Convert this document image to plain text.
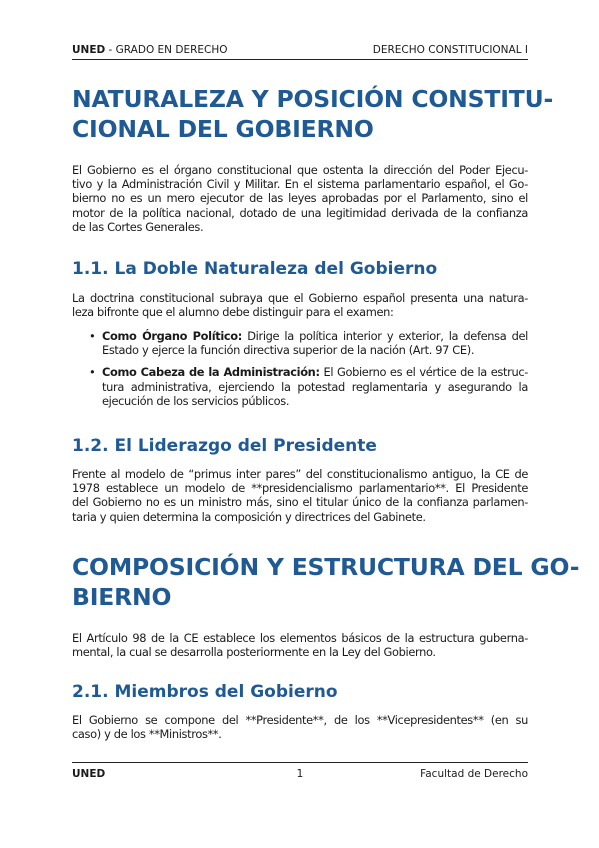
UNED - GRADO EN DERECHO	DERECHO CONSTITUCIONAL I
NATURALEZA Y POSICIÓN CONSTITU-
CIONAL DEL GOBIERNO
El Gobierno es el órgano constitucional que ostenta la dirección del Poder Ejecu-
tivo y la Administración Civil y Militar. En el sistema parlamentario español, el Go-
bierno no es un mero ejecutor de las leyes aprobadas por el Parlamento, sino el
motor de la política nacional, dotado de una legitimidad derivada de la confianza
de las Cortes Generales.
1.1. La Doble Naturaleza del Gobierno
La doctrina constitucional subraya que el Gobierno español presenta una natura-
leza bifronte que el alumno debe distinguir para el examen:
• Como Órgano Político: Dirige la política interior y exterior, la defensa del
Estado y ejerce la función directiva superior de la nación (Art. 97 CE).
• Como Cabeza de la Administración: El Gobierno es el vértice de la estruc-
tura administrativa, ejerciendo la potestad reglamentaria y asegurando la
ejecución de los servicios públicos.
1.2. El Liderazgo del Presidente
Frente al modelo de “primus inter pares” del constitucionalismo antiguo, la CE de
1978 establece un modelo de **presidencialismo parlamentario**. El Presidente
del Gobierno no es un ministro más, sino el titular único de la confianza parlamen-
taria y quien determina la composición y directrices del Gabinete.
COMPOSICIÓN Y ESTRUCTURA DEL GO-
BIERNO
El Artículo 98 de la CE establece los elementos básicos de la estructura guberna-
mental, la cual se desarrolla posteriormente en la Ley del Gobierno.
2.1. Miembros del Gobierno
El Gobierno se compone del **Presidente**, de los **Vicepresidentes** (en su
caso) y de los **Ministros**.
UNED	1	Facultad de Derecho
